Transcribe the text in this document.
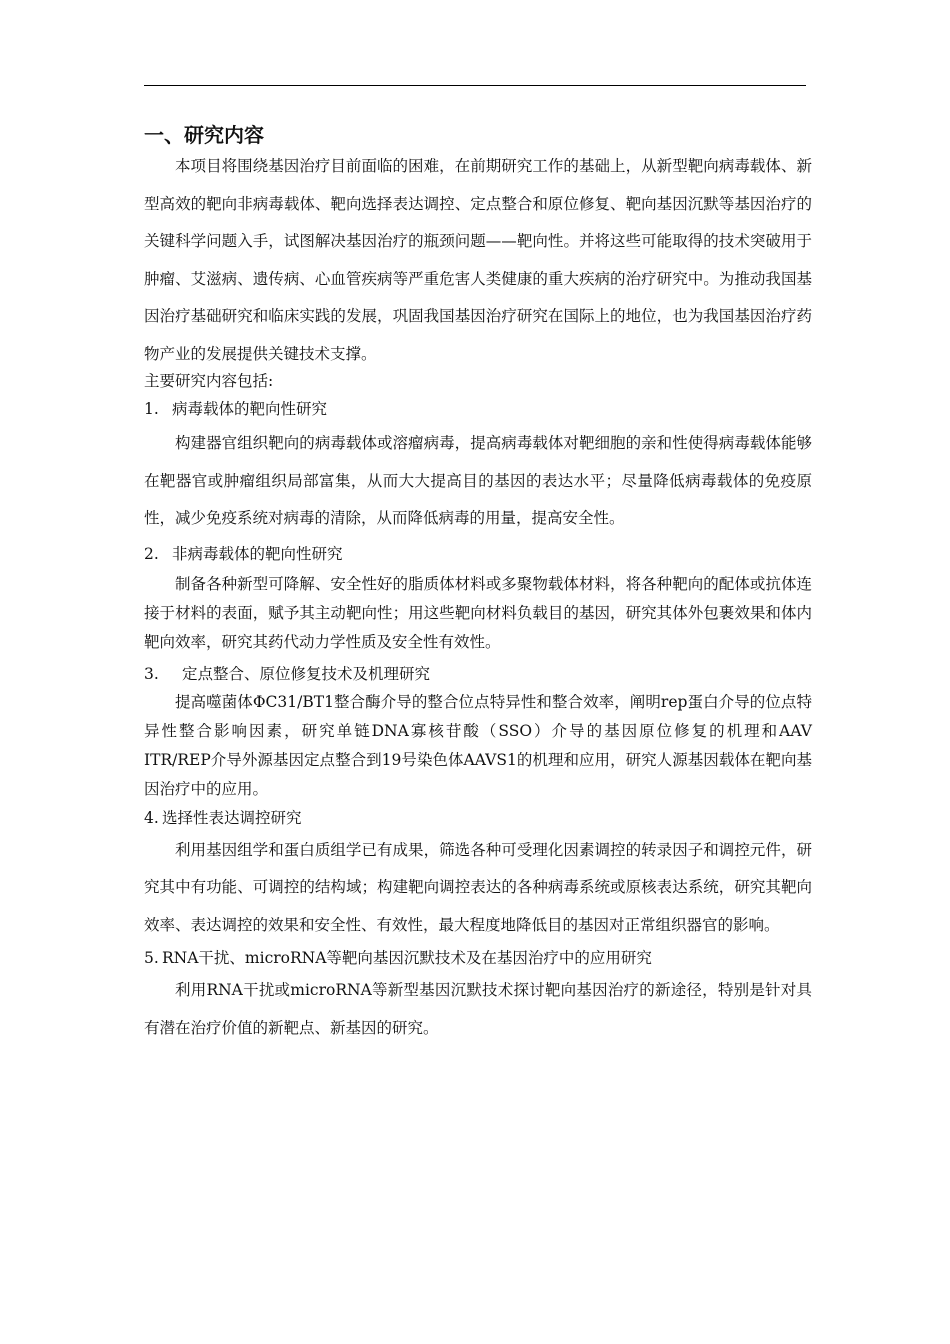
一、研究内容

本项目将围绕基因治疗目前面临的困难，在前期研究工作的基础上，从新型靶向病毒载体、新型高效的靶向非病毒载体、靶向选择表达调控、定点整合和原位修复、靶向基因沉默等基因治疗的关键科学问题入手，试图解决基因治疗的瓶颈问题——靶向性。并将这些可能取得的技术突破用于肿瘤、艾滋病、遗传病、心血管疾病等严重危害人类健康的重大疾病的治疗研究中。为推动我国基因治疗基础研究和临床实践的发展，巩固我国基因治疗研究在国际上的地位，也为我国基因治疗药物产业的发展提供关键技术支撑。

主要研究内容包括:

1. 病毒载体的靶向性研究

构建器官组织靶向的病毒载体或溶瘤病毒，提高病毒载体对靶细胞的亲和性使得病毒载体能够在靶器官或肿瘤组织局部富集，从而大大提高目的基因的表达水平；尽量降低病毒载体的免疫原性，减少免疫系统对病毒的清除，从而降低病毒的用量，提高安全性。

2. 非病毒载体的靶向性研究

制备各种新型可降解、安全性好的脂质体材料或多聚物载体材料，将各种靶向的配体或抗体连接于材料的表面，赋予其主动靶向性；用这些靶向材料负载目的基因，研究其体外包裹效果和体内靶向效率，研究其药代动力学性质及安全性有效性。

3. 定点整合、原位修复技术及机理研究

提高噬菌体ΦC31/BT1整合酶介导的整合位点特异性和整合效率，阐明rep蛋白介导的位点特异性整合影响因素，研究单链DNA寡核苷酸（SSO）介导的基因原位修复的机理和AAV ITR/REP介导外源基因定点整合到19号染色体AAVS1的机理和应用，研究人源基因载体在靶向基因治疗中的应用。

4. 选择性表达调控研究

利用基因组学和蛋白质组学已有成果，筛选各种可受理化因素调控的转录因子和调控元件，研究其中有功能、可调控的结构域；构建靶向调控表达的各种病毒系统或原核表达系统，研究其靶向效率、表达调控的效果和安全性、有效性，最大程度地降低目的基因对正常组织器官的影响。

5. RNA干扰、microRNA等靶向基因沉默技术及在基因治疗中的应用研究

利用RNA干扰或microRNA等新型基因沉默技术探讨靶向基因治疗的新途径，特别是针对具有潜在治疗价值的新靶点、新基因的研究。
